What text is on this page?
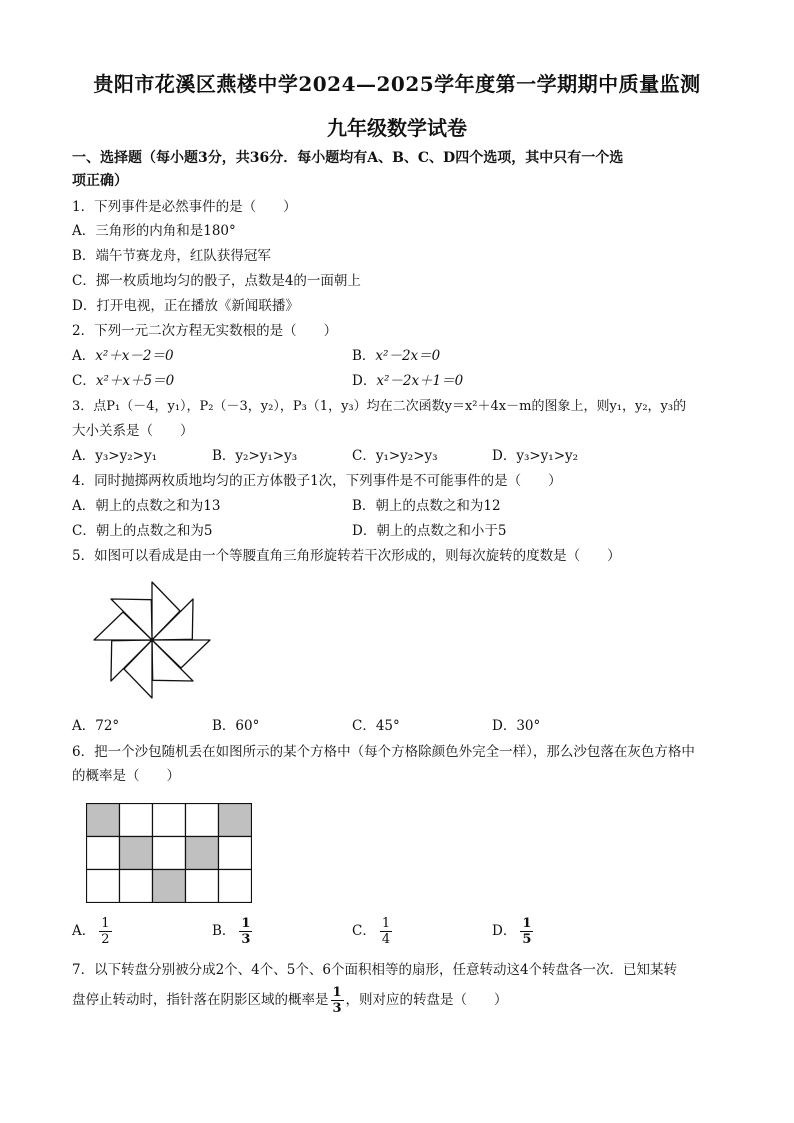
贵阳市花溪区燕楼中学2024—2025学年度第一学期期中质量监测
九年级数学试卷
一、选择题（每小题3分，共36分．每小题均有A、B、C、D四个选项，其中只有一个选
项正确）
1．下列事件是必然事件的是（　　）
A．三角形的内角和是180°
B．端午节赛龙舟，红队获得冠军
C．掷一枚质地均匀的骰子，点数是4的一面朝上
D．打开电视，正在播放《新闻联播》
2．下列一元二次方程无实数根的是（　　）
A．x²＋x－2＝0	B．x²－2x＝0
C．x²＋x＋5＝0	D．x²－2x＋1＝0
3．点P₁（－4，y₁），P₂（－3，y₂），P₃（1，y₃）均在二次函数y＝x²＋4x－m的图象上，则y₁，y₂，y₃的
大小关系是（　　）
A．y₃>y₂>y₁	B．y₂>y₁>y₃	C．y₁>y₂>y₃	D．y₃>y₁>y₂
4．同时抛掷两枚质地均匀的正方体骰子1次，下列事件是不可能事件的是（　　）
A．朝上的点数之和为13	B．朝上的点数之和为12
C．朝上的点数之和为5	D．朝上的点数之和小于5
5．如图可以看成是由一个等腰直角三角形旋转若干次形成的，则每次旋转的度数是（　　）
A．72°	B．60°	C．45°	D．30°
6．把一个沙包随机丢在如图所示的某个方格中（每个方格除颜色外完全一样），那么沙包落在灰色方格中
的概率是（　　）
A． $\frac{1}{2}$	B． $\frac{1}{3}$	C． $\frac{1}{4}$	D． $\frac{1}{5}$
7．以下转盘分别被分成2个、4个、5个、6个面积相等的扇形，任意转动这4个转盘各一次．已知某转
盘停止转动时，指针落在阴影区域的概率是 $\frac{1}{3}$ ，则对应的转盘是（　　）
